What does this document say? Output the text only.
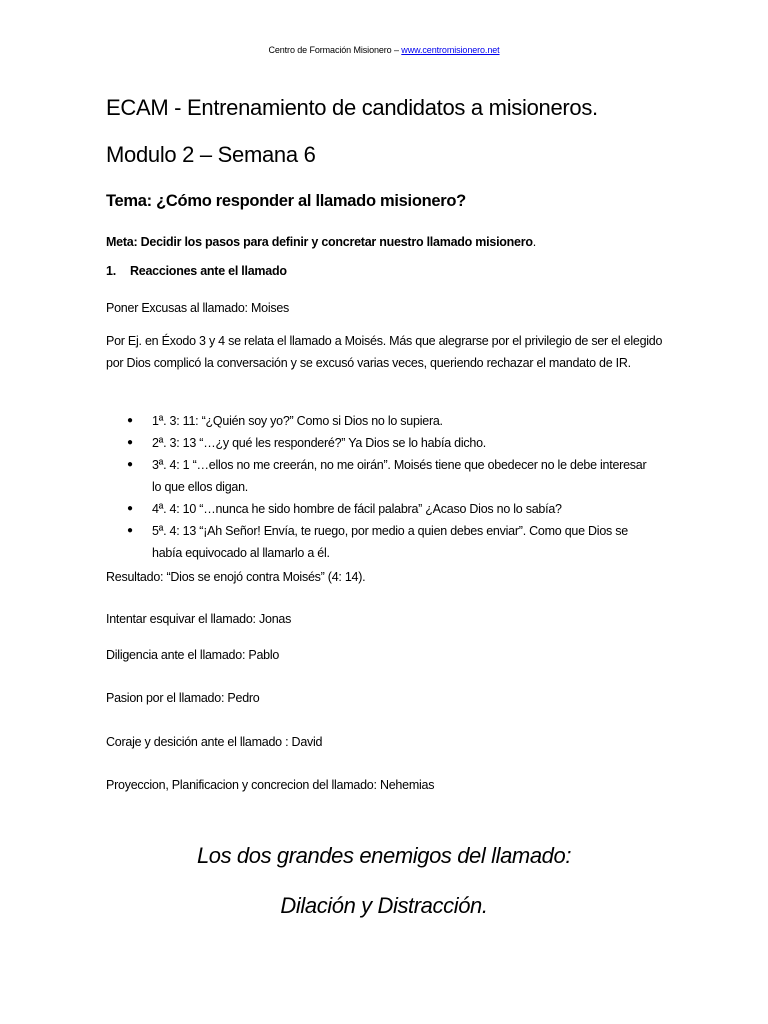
Centro de Formación Misionero – www.centromisionero.net
ECAM - Entrenamiento de candidatos a misioneros.
Modulo 2 – Semana 6
Tema: ¿Cómo responder al llamado misionero?
Meta: Decidir los pasos para definir y concretar nuestro llamado misionero.
1. Reacciones ante el llamado
Poner Excusas al llamado: Moises
Por Ej. en Éxodo 3 y 4 se relata el llamado a Moisés. Más que alegrarse por el privilegio de ser el elegido por Dios complicó la conversación y se excusó varias veces, queriendo rechazar el mandato de IR.
● 1ª. 3: 11: “¿Quién soy yo?” Como si Dios no lo supiera.
● 2ª. 3: 13 “…¿y qué les responderé?” Ya Dios se lo había dicho.
● 3ª. 4: 1 “…ellos no me creerán, no me oirán”. Moisés tiene que obedecer no le debe interesar lo que ellos digan.
● 4ª. 4: 10 “…nunca he sido hombre de fácil palabra” ¿Acaso Dios no lo sabía?
● 5ª. 4: 13 “¡Ah Señor! Envía, te ruego, por medio a quien debes enviar”. Como que Dios se había equivocado al llamarlo a él.
Resultado: “Dios se enojó contra Moisés” (4: 14).
Intentar esquivar el llamado: Jonas
Diligencia ante el llamado: Pablo
Pasion por el llamado: Pedro
Coraje y desición ante el llamado : David
Proyeccion, Planificacion y concrecion del llamado: Nehemias
Los dos grandes enemigos del llamado:
Dilación y Distracción.
